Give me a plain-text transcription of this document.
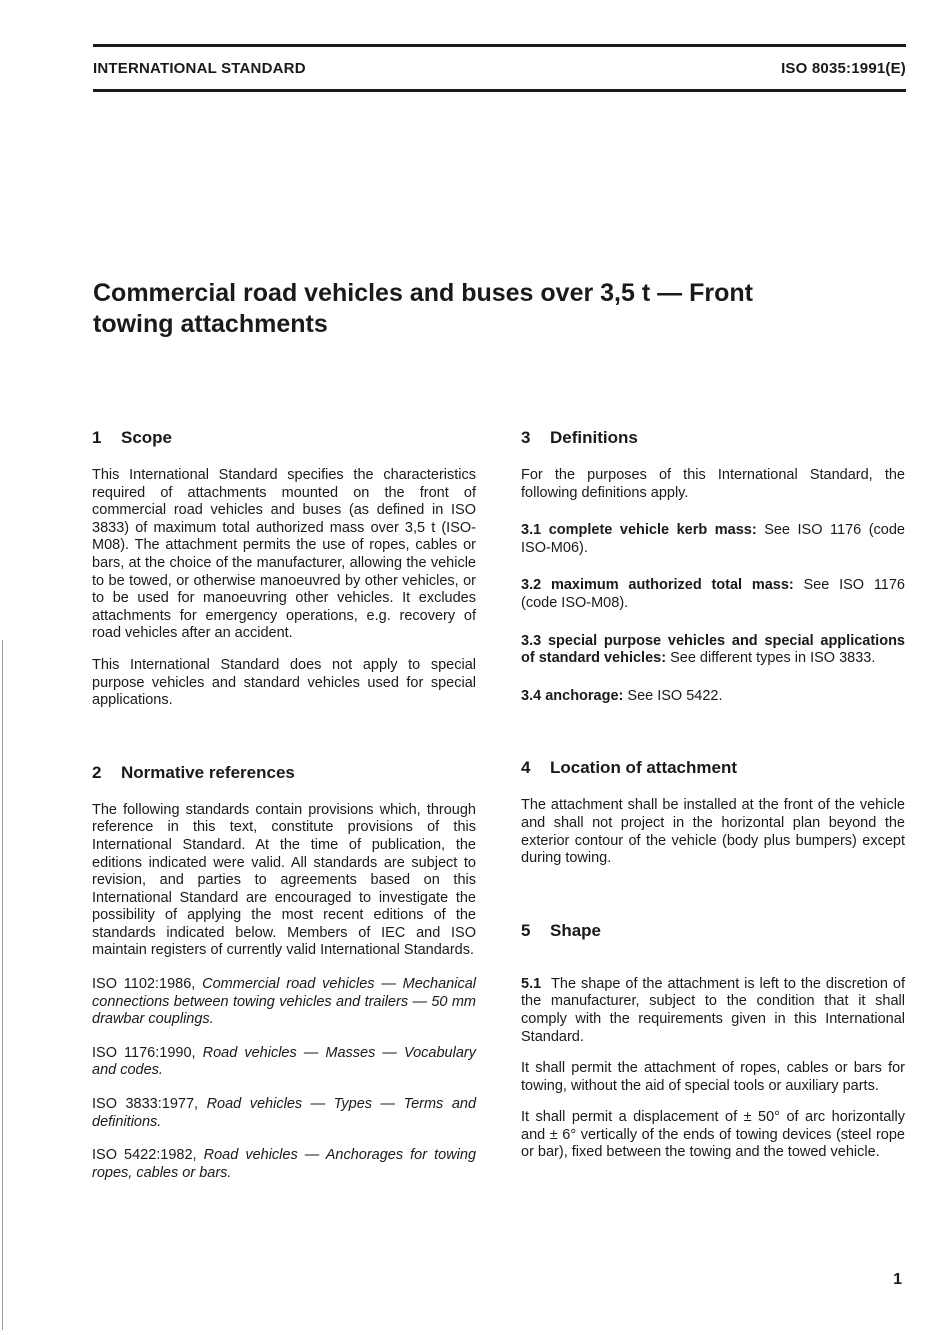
INTERNATIONAL STANDARD	ISO 8035:1991(E)
Commercial road vehicles and buses over 3,5 t — Front
towing attachments
1 Scope

This International Standard specifies the characteristics required of attachments mounted on the front of commercial road vehicles and buses (as defined in ISO 3833) of maximum total authorized mass over 3,5 t (ISO-M08). The attachment permits the use of ropes, cables or bars, at the choice of the manufacturer, allowing the vehicle to be towed, or otherwise manoeuvred by other vehicles, or to be used for manoeuvring other vehicles. It excludes attachments for emergency operations, e.g. recovery of road vehicles after an accident.

This International Standard does not apply to special purpose vehicles and standard vehicles used for special applications.

2 Normative references

The following standards contain provisions which, through reference in this text, constitute provisions of this International Standard. At the time of publication, the editions indicated were valid. All standards are subject to revision, and parties to agreements based on this International Standard are encouraged to investigate the possibility of applying the most recent editions of the standards indicated below. Members of IEC and ISO maintain registers of currently valid International Standards.

ISO 1102:1986, Commercial road vehicles — Mechanical connections between towing vehicles and trailers — 50 mm drawbar couplings.

ISO 1176:1990, Road vehicles — Masses — Vocabulary and codes.

ISO 3833:1977, Road vehicles — Types — Terms and definitions.

ISO 5422:1982, Road vehicles — Anchorages for towing ropes, cables or bars.

3 Definitions

For the purposes of this International Standard, the following definitions apply.

3.1 complete vehicle kerb mass: See ISO 1176 (code ISO-M06).

3.2 maximum authorized total mass: See ISO 1176 (code ISO-M08).

3.3 special purpose vehicles and special applications of standard vehicles: See different types in ISO 3833.

3.4 anchorage: See ISO 5422.

4 Location of attachment

The attachment shall be installed at the front of the vehicle and shall not project in the horizontal plan beyond the exterior contour of the vehicle (body plus bumpers) except during towing.

5 Shape

5.1 The shape of the attachment is left to the discretion of the manufacturer, subject to the condition that it shall comply with the requirements given in this International Standard.

It shall permit the attachment of ropes, cables or bars for towing, without the aid of special tools or auxiliary parts.

It shall permit a displacement of ± 50° of arc horizontally and ± 6° vertically of the ends of towing devices (steel rope or bar), fixed between the towing and the towed vehicle.

1
